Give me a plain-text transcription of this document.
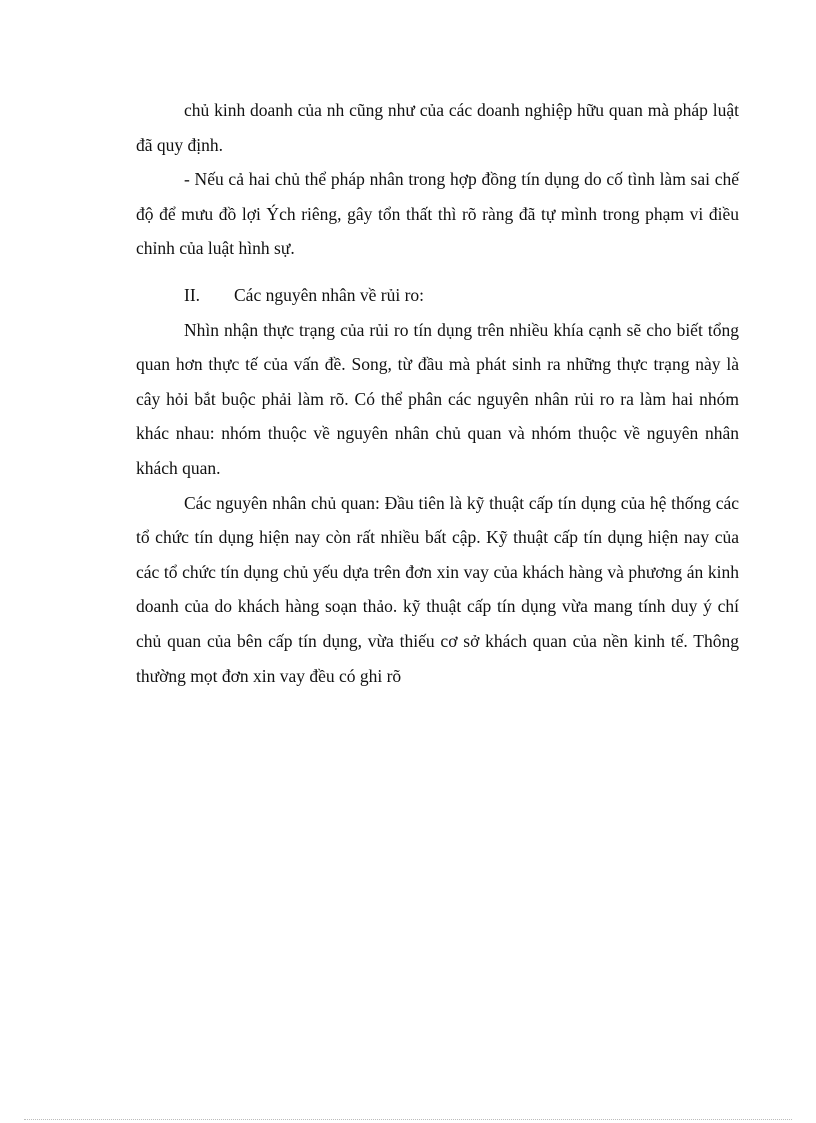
chủ kinh doanh của nh cũng như của các doanh nghiệp hữu quan mà pháp luật đã quy định.

- Nếu cả hai chủ thể pháp nhân trong hợp đồng tín dụng do cố tình làm sai chế độ để mưu đồ lợi Ých riêng, gây tổn thất thì rõ ràng đã tự mình trong phạm vi điều chỉnh của luật hình sự.

II.	Các nguyên nhân về rủi ro:

Nhìn nhận thực trạng của rủi ro tín dụng trên nhiều khía cạnh sẽ cho biết tổng quan hơn thực tế của vấn đề. Song, từ đầu mà phát sinh ra những thực trạng này là cây hỏi bắt buộc phải làm rõ. Có thể phân các nguyên nhân rủi ro ra làm hai nhóm khác nhau: nhóm thuộc về nguyên nhân chủ quan và nhóm thuộc về nguyên nhân khách quan.

Các nguyên nhân chủ quan: Đầu tiên là kỹ thuật cấp tín dụng của hệ thống các tổ chức tín dụng hiện nay còn rất nhiều bất cập. Kỹ thuật cấp tín dụng hiện nay của các tổ chức tín dụng chủ yếu dựa trên đơn xin vay của khách hàng và phương án kinh doanh của do khách hàng soạn thảo. kỹ thuật cấp tín dụng vừa mang tính duy ý chí chủ quan của bên cấp tín dụng, vừa thiếu cơ sở khách quan của nền kinh tế. Thông thường mọt đơn xin vay đều có ghi rõ
